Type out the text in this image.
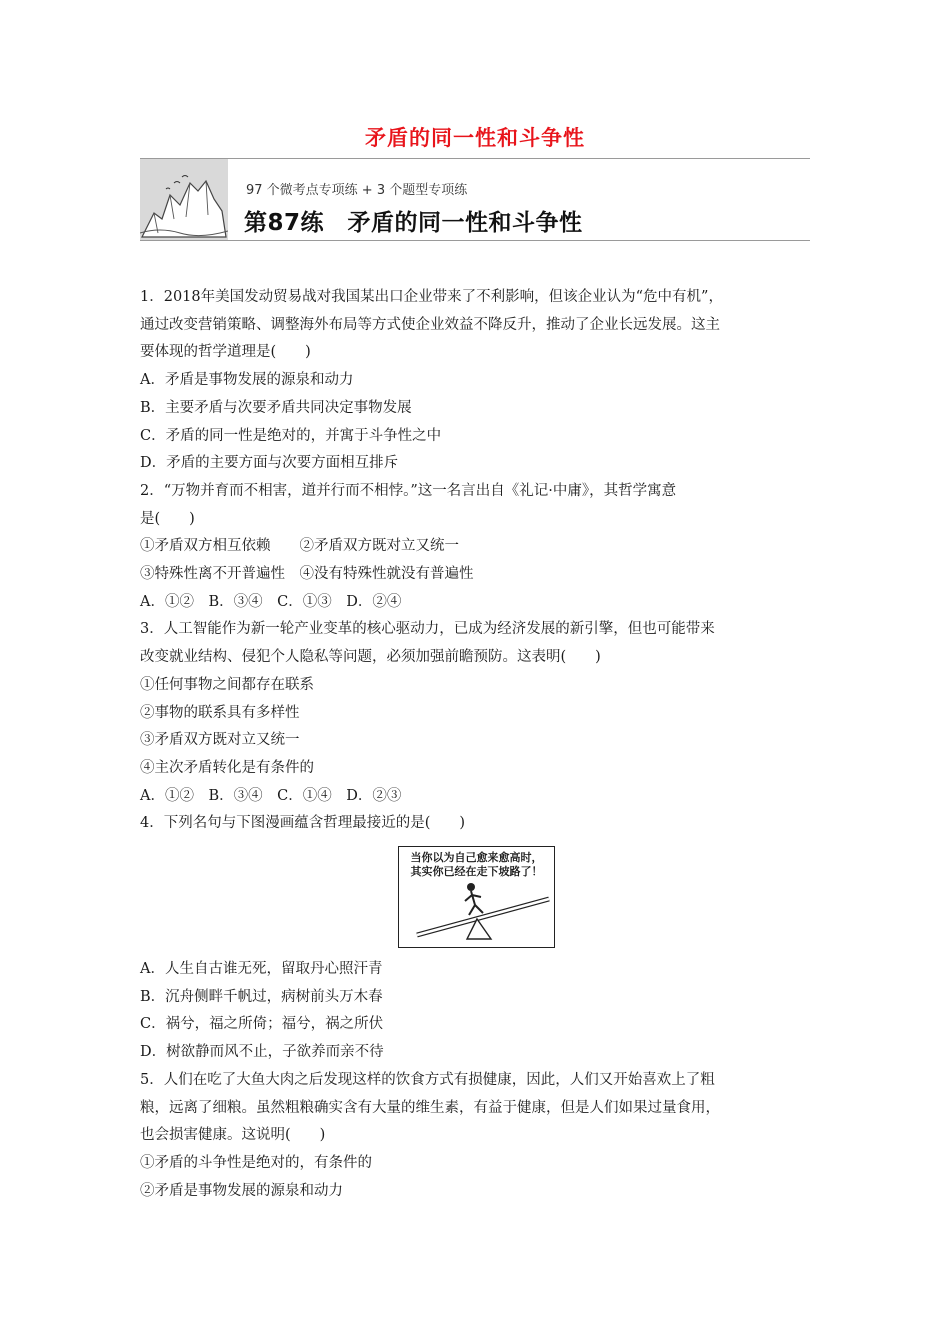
矛盾的同一性和斗争性
97 个微考点专项练 + 3 个题型专项练
第87练　矛盾的同一性和斗争性
1．2018年美国发动贸易战对我国某出口企业带来了不利影响，但该企业认为“危中有机”，
通过改变营销策略、调整海外布局等方式使企业效益不降反升，推动了企业长远发展。这主
要体现的哲学道理是(　　)
A．矛盾是事物发展的源泉和动力
B．主要矛盾与次要矛盾共同决定事物发展
C．矛盾的同一性是绝对的，并寓于斗争性之中
D．矛盾的主要方面与次要方面相互排斥
2．“万物并育而不相害，道并行而不相悖。”这一名言出自《礼记·中庸》，其哲学寓意
是(　　)
①矛盾双方相互依赖　　②矛盾双方既对立又统一
③特殊性离不开普遍性　④没有特殊性就没有普遍性
A．①②　B．③④　C．①③　D．②④
3．人工智能作为新一轮产业变革的核心驱动力，已成为经济发展的新引擎，但也可能带来
改变就业结构、侵犯个人隐私等问题，必须加强前瞻预防。这表明(　　)
①任何事物之间都存在联系
②事物的联系具有多样性
③矛盾双方既对立又统一
④主次矛盾转化是有条件的
A．①②　B．③④　C．①④　D．②③
4．下列名句与下图漫画蕴含哲理最接近的是(　　)
当你以为自己愈来愈高时，
其实你已经在走下坡路了！
A．人生自古谁无死，留取丹心照汗青
B．沉舟侧畔千帆过，病树前头万木春
C．祸兮，福之所倚；福兮，祸之所伏
D．树欲静而风不止，子欲养而亲不待
5．人们在吃了大鱼大肉之后发现这样的饮食方式有损健康，因此，人们又开始喜欢上了粗
粮，远离了细粮。虽然粗粮确实含有大量的维生素，有益于健康，但是人们如果过量食用，
也会损害健康。这说明(　　)
①矛盾的斗争性是绝对的，有条件的
②矛盾是事物发展的源泉和动力
